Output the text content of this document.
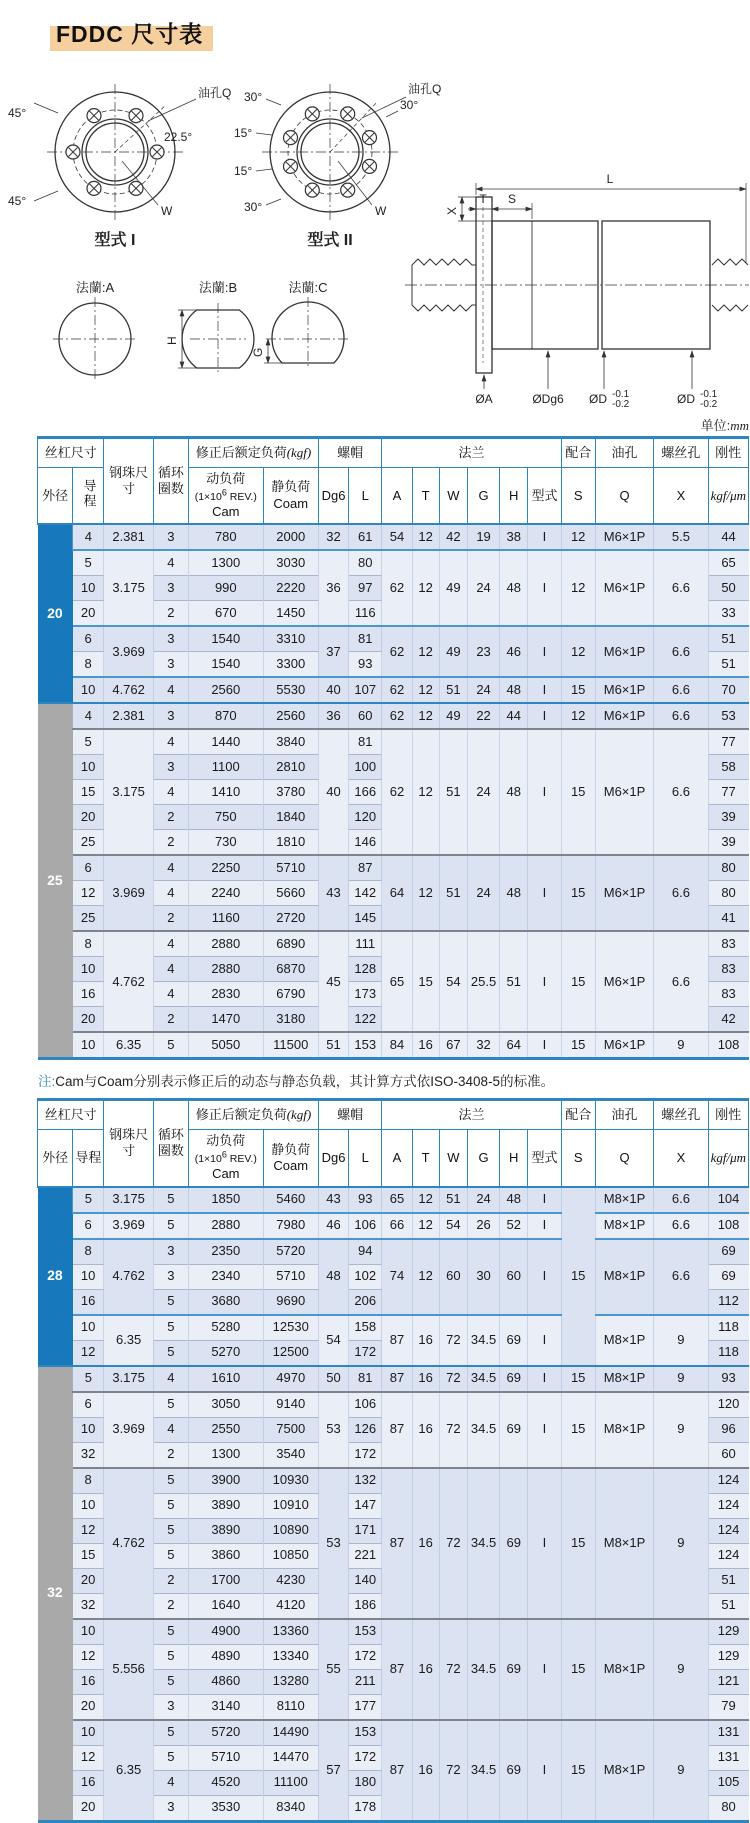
FDDC 尺寸表
45°
45°
22.5°
油孔Q
W
型式 I
30°
15°
15°
30°
30°
油孔Q
W
型式 II
法蘭:A	法蘭:B	法蘭:C
H
G
L
T S
X
ØA	ØDg6 ØD -0.1
-0.2	ØD -0.1
-0.2
单位:mm
丝杠尺寸		钢珠尺寸	循环圈数	修正后额定负荷(kgf)		螺帽		法兰						配合	油孔	螺丝孔	刚性
外径	导程			动负荷
($1\times 10^6$ REV.)
Cam	静负荷
Coam	Dg6	L	A	T	W	G	H	型式	S	Q	X	kgf/μm
20	4	2.381	3	780	2000	32	61	54	12	42	19	38	I	12	M6×1P	5.5	44
	5	3.175	4	1300	3030	36	80	62	12	49	24	48	I	12	M6×1P	6.6	65
	10		3	990	2220		97										50
	20		2	670	1450		116										33
	6	3.969	3	1540	3310	37	81	62	12	49	23	46	I	12	M6×1P	6.6	51
	8		3	1540	3300		93										51
	10	4.762	4	2560	5530	40	107	62	12	51	24	48	I	15	M6×1P	6.6	70
25	4	2.381	3	870	2560	36	60	62	12	49	22	44	I	12	M6×1P	6.6	53
	5	3.175	4	1440	3840	40	81	62	12	51	24	48	I	15	M6×1P	6.6	77
	10		3	1100	2810		100										58
	15		4	1410	3780		166										77
	20		2	750	1840		120										39
	25		2	730	1810		146										39
	6	3.969	4	2250	5710	43	87	64	12	51	24	48	I	15	M6×1P	6.6	80
	12		4	2240	5660		142										80
	25		2	1160	2720		145										41
	8	4.762	4	2880	6890	45	111	65	15	54	25.5	51	I	15	M6×1P	6.6	83
	10		4	2880	6870		128										83
	16		4	2830	6790		173										83
	20		2	1470	3180		122										42
	10	6.35	5	5050	11500	51	153	84	16	67	32	64	I	15	M6×1P	9	108
注:Cam与Coam分别表示修正后的动态与静态负载，其计算方式依ISO-3408-5的标准。
丝杠尺寸		钢珠尺寸	循环圈数	修正后额定负荷(kgf)		螺帽		法兰						配合	油孔	螺丝孔	刚性
外径	导程			动负荷
($1\times 10^6$ REV.)
Cam	静负荷
Coam	Dg6	L	A	T	W	G	H	型式	S	Q	X	kgf/μm
28	5	3.175	5	1850	5460	43	93	65	12	51	24	48	I	15	M8×1P	6.6	104
	6	3.969	5	2880	7980	46	106	66	12	54	26	52	I		M8×1P	6.6	108
	8	4.762	3	2350	5720	48	94	74	12	60	30	60	I		M8×1P	6.6	69
	10		3	2340	5710		102										69
	16		5	3680	9690		206										112
	10	6.35	5	5280	12530	54	158	87	16	72	34.5	69	I		M8×1P	9	118
	12		5	5270	12500		172										118
32	5	3.175	4	1610	4970	50	81	87	16	72	34.5	69	I	15	M8×1P	9	93
	6	3.969	5	3050	9140	53	106	87	16	72	34.5	69	I	15	M8×1P	9	120
	10		4	2550	7500		126										96
	32		2	1300	3540		172										60
	8	4.762	5	3900	10930	53	132	87	16	72	34.5	69	I	15	M8×1P	9	124
	10		5	3890	10910		147										124
	12		5	3890	10890		171										124
	15		5	3860	10850		221										124
	20		2	1700	4230		140										51
	32		2	1640	4120		186										51
	10	5.556	5	4900	13360	55	153	87	16	72	34.5	69	I	15	M8×1P	9	129
	12		5	4890	13340		172										129
	16		5	4860	13280		211										121
	20		3	3140	8110		177										79
	10	6.35	5	5720	14490	57	153	87	16	72	34.5	69	I	15	M8×1P	9	131
	12		5	5710	14470		172										131
	16		4	4520	11100		180										105
	20		3	3530	8340		178										80
